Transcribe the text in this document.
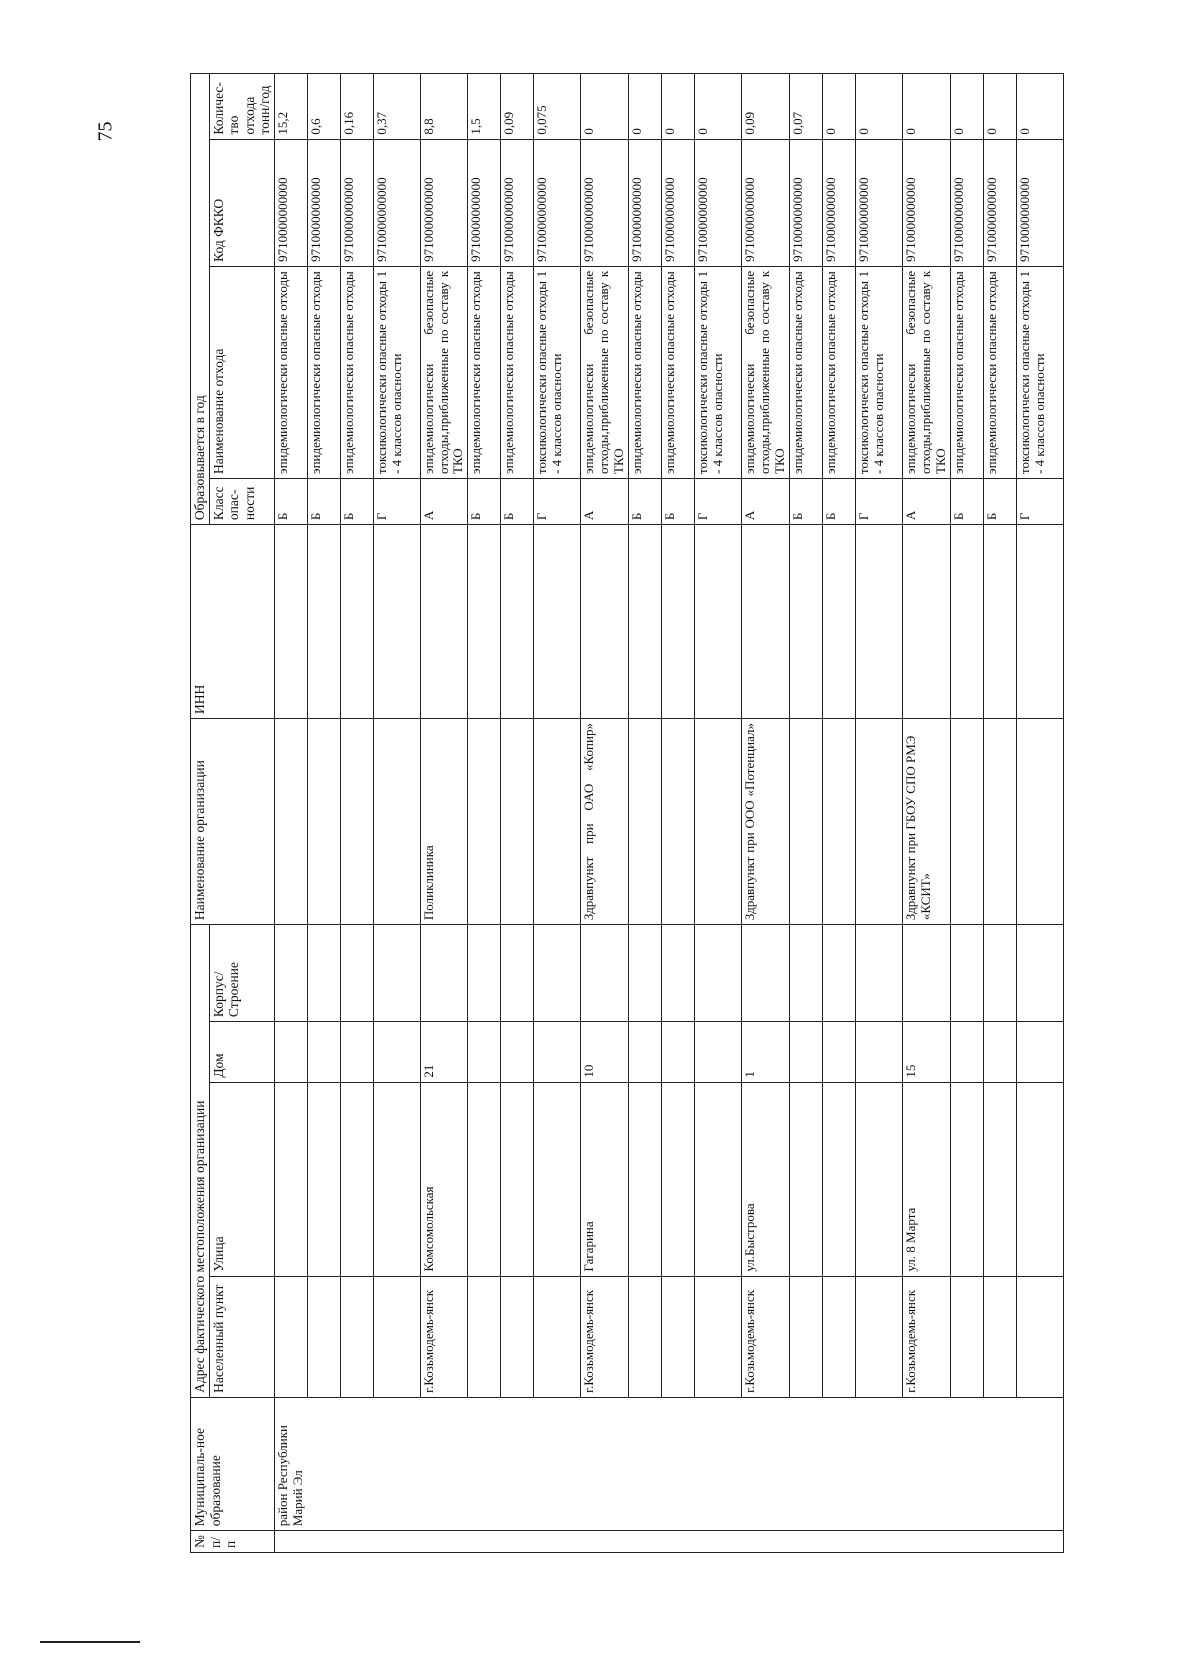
75
№ п/п	Муниципаль-ное образование	Адрес фактического местоположения организации				Наименование организации	ИНН	Образовывается в год			
		Населенный пункт	Улица	Дом	Корпус/ Строение			Класс опас-ности	Наименование отхода	Код ФККО	Количес-тво отхода тонн/год
	район Республики Марий Эл							Б	эпидемиологически опасные отходы	9710000000000	15,2
								Б	эпидемиологически опасные отходы	9710000000000	0,6
								Б	эпидемиологически опасные отходы	9710000000000	0,16
								Г	токсикологически опасные отходы 1 - 4 классов опасности	9710000000000	0,37
		г.Козьмодемь-янск	Комсомольская	21		Поликлиника		А	эпидемиологически безопасные отходы,приближенные по составу к ТКО	9710000000000	8,8
								Б	эпидемиологически опасные отходы	9710000000000	1,5
								Б	эпидемиологически опасные отходы	9710000000000	0,09
								Г	токсикологически опасные отходы 1 - 4 классов опасности	9710000000000	0,075
		г.Козьмодемь-янск	Гагарина	10		Здравпункт при ОАО «Копир»		А	эпидемиологически безопасные отходы,приближенные по составу к ТКО	9710000000000	0
								Б	эпидемиологически опасные отходы	9710000000000	0
								Б	эпидемиологически опасные отходы	9710000000000	0
								Г	токсикологически опасные отходы 1 - 4 классов опасности	9710000000000	0
		г.Козьмодемь-янск	ул.Быстрова	1		Здравпункт при ООО «Потенциал»		А	эпидемиологически безопасные отходы,приближенные по составу к ТКО	9710000000000	0,09
								Б	эпидемиологически опасные отходы	9710000000000	0,07
								Б	эпидемиологически опасные отходы	9710000000000	0
								Г	токсикологически опасные отходы 1 - 4 классов опасности	9710000000000	0
		г.Козьмодемь-янск	ул. 8 Марта	15		Здравпункт при ГБОУ СПО РМЭ «КСИТ»		А	эпидемиологически безопасные отходы,приближенные по составу к ТКО	9710000000000	0
								Б	эпидемиологически опасные отходы	9710000000000	0
								Б	эпидемиологически опасные отходы	9710000000000	0
								Г	токсикологически опасные отходы 1 - 4 классов опасности	9710000000000	0
